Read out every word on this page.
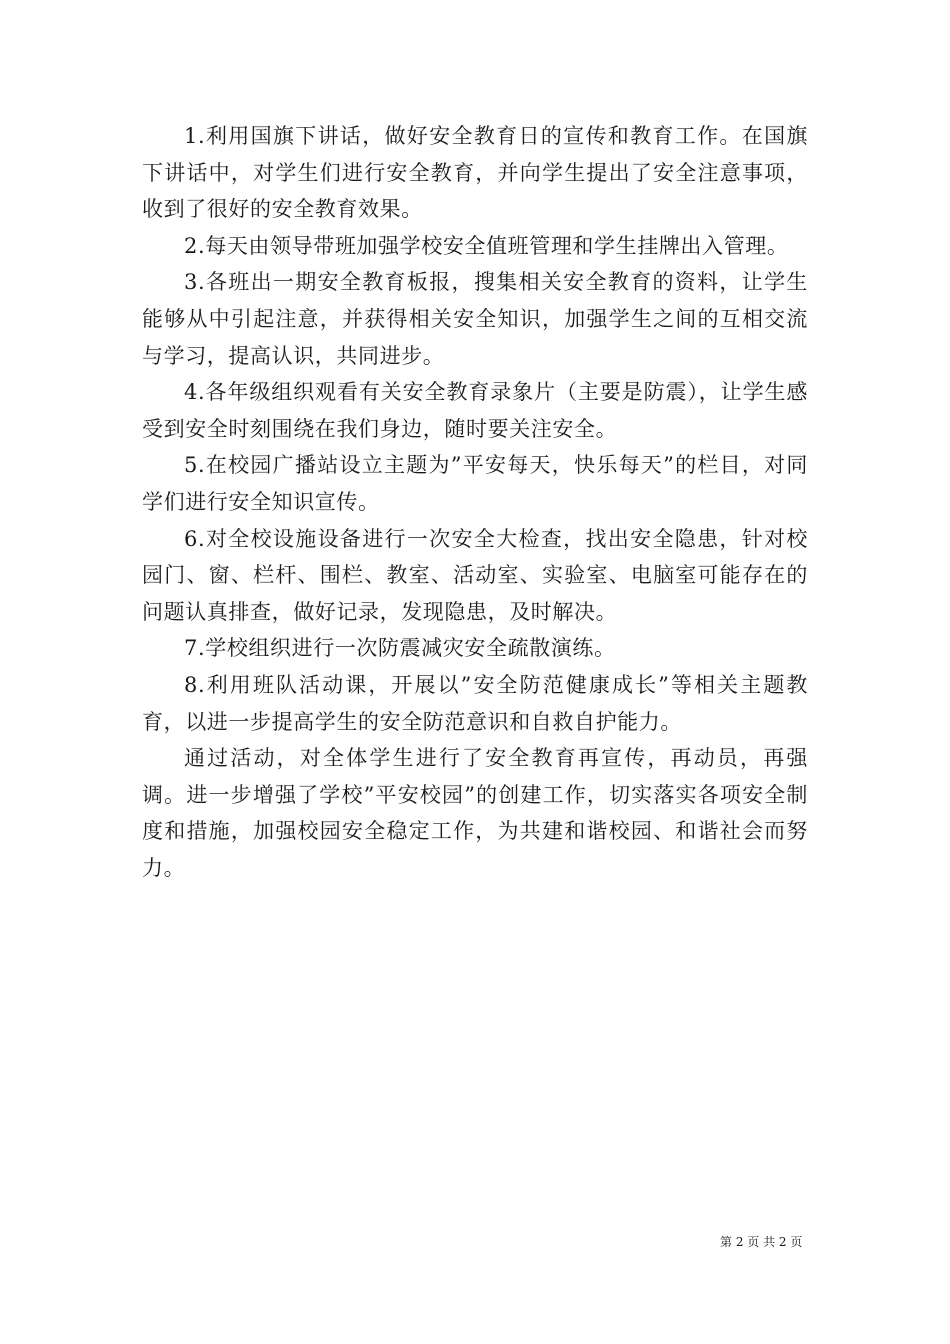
1.利用国旗下讲话，做好安全教育日的宣传和教育工作。在国旗下讲话中，对学生们进行安全教育，并向学生提出了安全注意事项，收到了很好的安全教育效果。

2.每天由领导带班加强学校安全值班管理和学生挂牌出入管理。

3.各班出一期安全教育板报，搜集相关安全教育的资料，让学生能够从中引起注意，并获得相关安全知识，加强学生之间的互相交流与学习，提高认识，共同进步。

4.各年级组织观看有关安全教育录象片（主要是防震），让学生感受到安全时刻围绕在我们身边，随时要关注安全。

5.在校园广播站设立主题为”平安每天，快乐每天”的栏目，对同学们进行安全知识宣传。

6.对全校设施设备进行一次安全大检查，找出安全隐患，针对校园门、窗、栏杆、围栏、教室、活动室、实验室、电脑室可能存在的问题认真排查，做好记录，发现隐患，及时解决。

7.学校组织进行一次防震减灾安全疏散演练。

8.利用班队活动课，开展以”安全防范健康成长”等相关主题教育，以进一步提高学生的安全防范意识和自救自护能力。

通过活动，对全体学生进行了安全教育再宣传，再动员，再强调。进一步增强了学校”平安校园”的创建工作，切实落实各项安全制度和措施，加强校园安全稳定工作，为共建和谐校园、和谐社会而努力。

第 2 页 共 2 页
